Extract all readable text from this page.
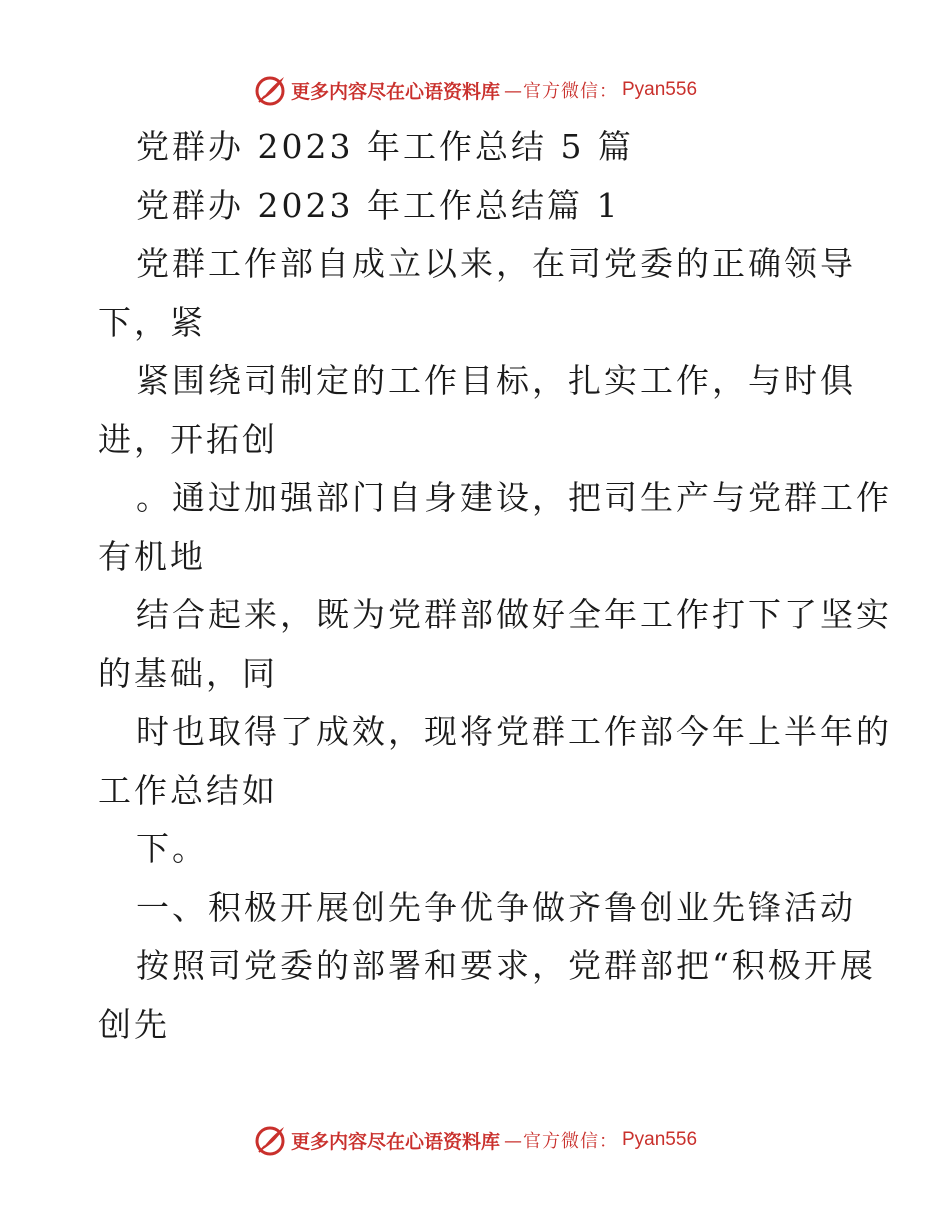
更多内容尽在心语资料库 —官方微信： Pyan556
党群办 2023 年工作总结 5 篇
党群办 2023 年工作总结篇 1
党群工作部自成立以来，在司党委的正确领导
下，紧
紧围绕司制定的工作目标，扎实工作，与时俱
进，开拓创
。通过加强部门自身建设，把司生产与党群工作
有机地
结合起来，既为党群部做好全年工作打下了坚实
的基础，同
时也取得了成效，现将党群工作部今年上半年的
工作总结如
下。
一、积极开展创先争优争做齐鲁创业先锋活动
按照司党委的部署和要求，党群部把“积极开展
创先
更多内容尽在心语资料库 —官方微信： Pyan556
